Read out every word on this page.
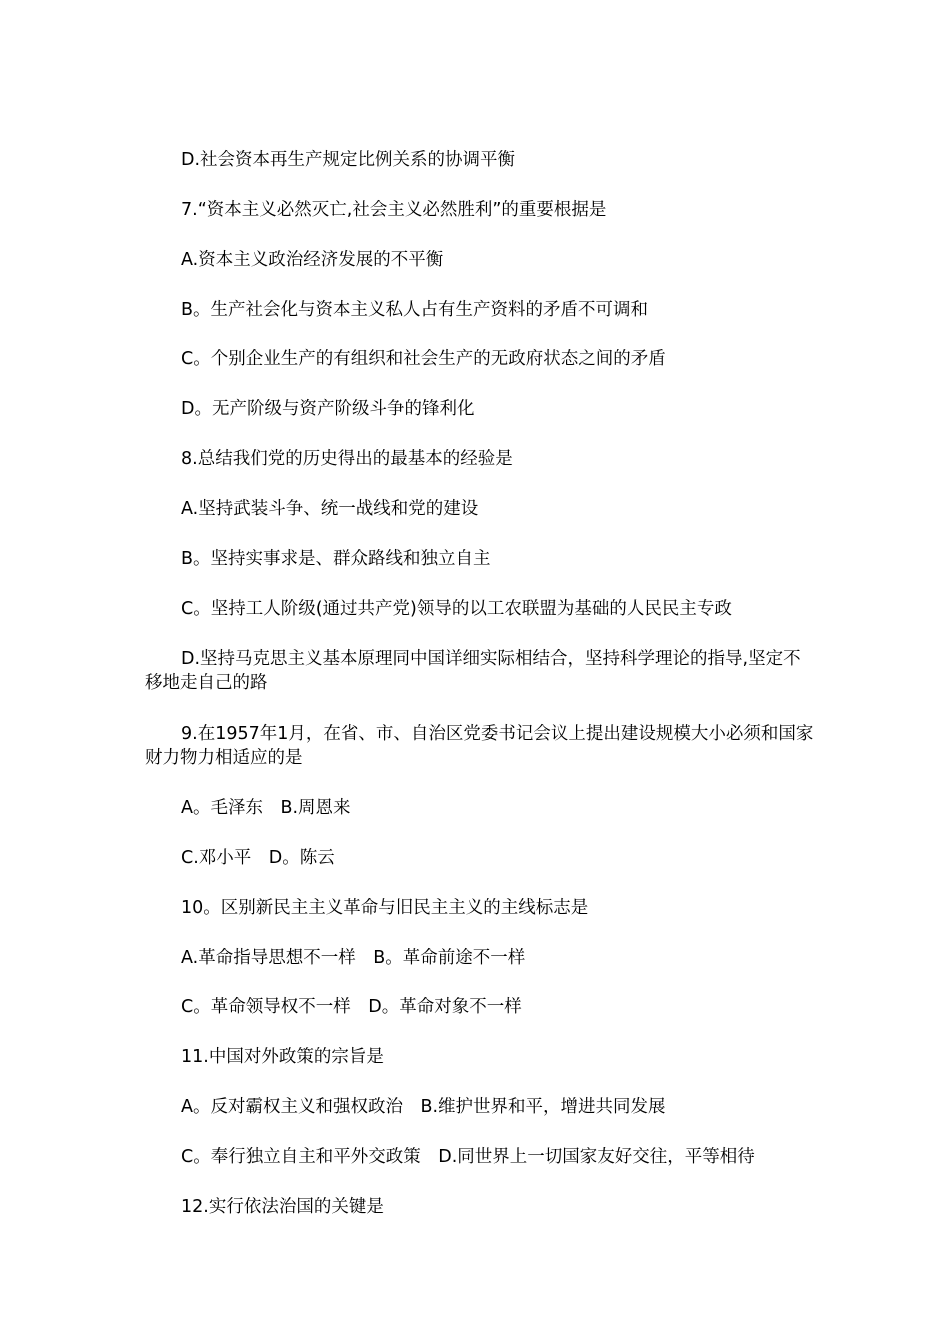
D.社会资本再生产规定比例关系的协调平衡
7.“资本主义必然灭亡,社会主义必然胜利”的重要根据是
A.资本主义政治经济发展的不平衡
B。生产社会化与资本主义私人占有生产资料的矛盾不可调和
C。个别企业生产的有组织和社会生产的无政府状态之间的矛盾
D。无产阶级与资产阶级斗争的锋利化
8.总结我们党的历史得出的最基本的经验是
A.坚持武装斗争、统一战线和党的建设
B。坚持实事求是、群众路线和独立自主
C。坚持工人阶级(通过共产党)领导的以工农联盟为基础的人民民主专政
D.坚持马克思主义基本原理同中国详细实际相结合，坚持科学理论的指导,坚定不移地走自己的路
9.在1957年1月，在省、市、自治区党委书记会议上提出建设规模大小必须和国家财力物力相适应的是
A。毛泽东　B.周恩来
C.邓小平　D。陈云
10。区别新民主主义革命与旧民主主义的主线标志是
A.革命指导思想不一样　B。革命前途不一样
C。革命领导权不一样　D。革命对象不一样
11.中国对外政策的宗旨是
A。反对霸权主义和强权政治　B.维护世界和平，增进共同发展
C。奉行独立自主和平外交政策　D.同世界上一切国家友好交往，平等相待
12.实行依法治国的关键是
